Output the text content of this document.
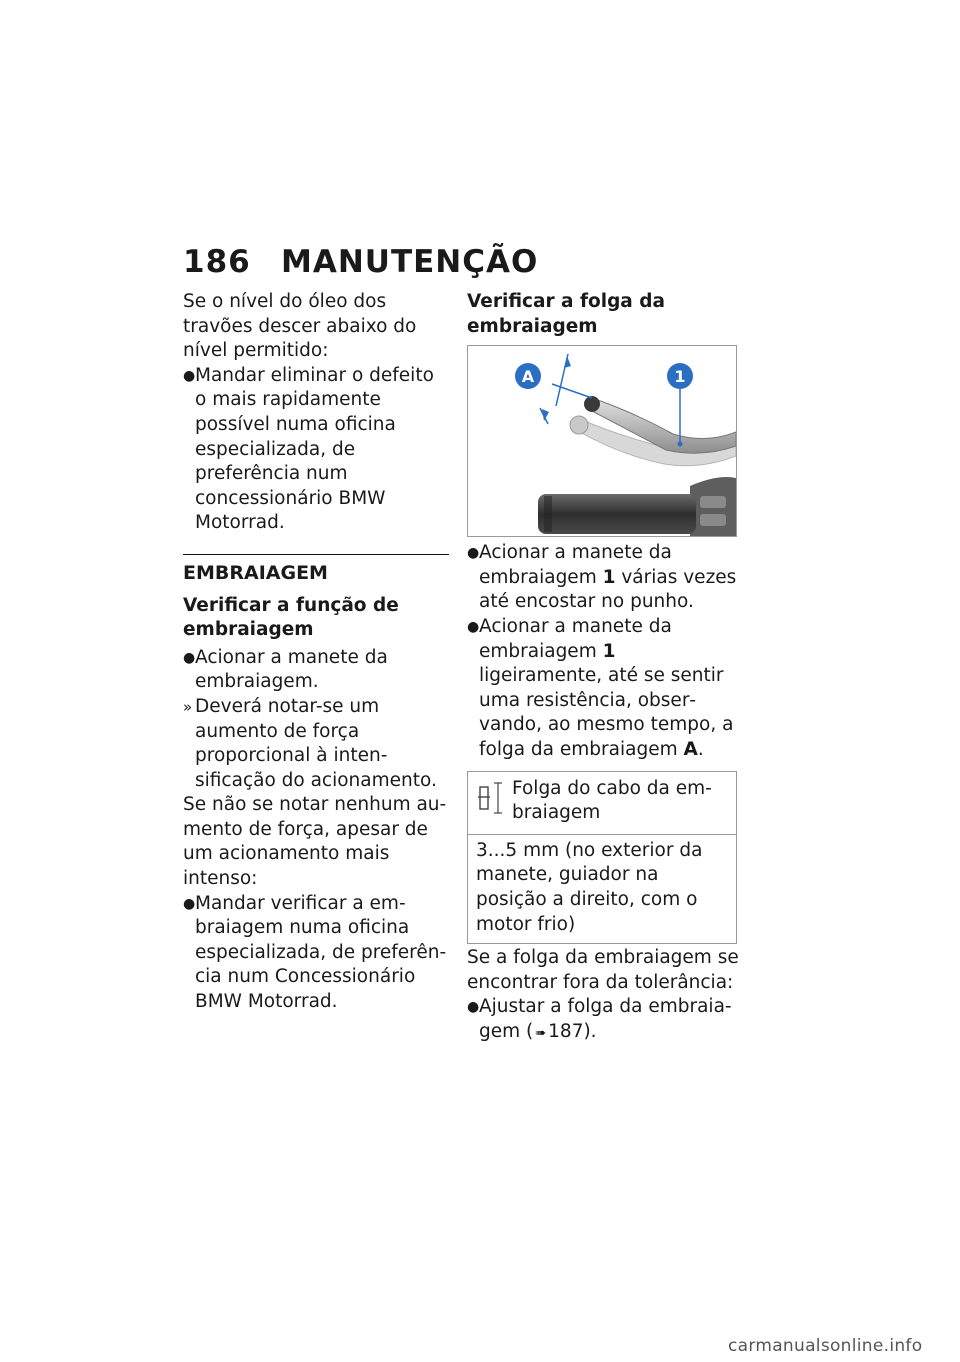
186 MANUTENÇÃO

Se o nível do óleo dos travões descer abaixo do nível permitido:

● Mandar eliminar o defeito o mais rapidamente possível numa oficina especializada, de preferência num concessionário BMW Motorrad.
EMBRAIAGEM

Verificar a função de embraiagem

● Acionar a manete da embraiagem.
» Deverá notar-se um aumento de força proporcional à intensificação do acionamento.

Se não se notar nenhum aumento de força, apesar de um acionamento mais intenso:

● Mandar verificar a embraiagem numa oficina especializada, de preferência num Concessionário BMW Motorrad.

Verificar a folga da embraiagem

A	1
● Acionar a manete da embraiagem 1 várias vezes até encostar no punho.
● Acionar a manete da embraiagem 1 ligeiramente, até se sentir uma resistência, observando, ao mesmo tempo, a folga da embraiagem A.
Folga do cabo da embraiagem
3...5 mm (no exterior da manete, guiador na posição a direito, com o motor frio)

Se a folga da embraiagem se encontrar fora da tolerância:

● Ajustar a folga da embraiagem ( ➠ 187).
carmanualsonline.info
